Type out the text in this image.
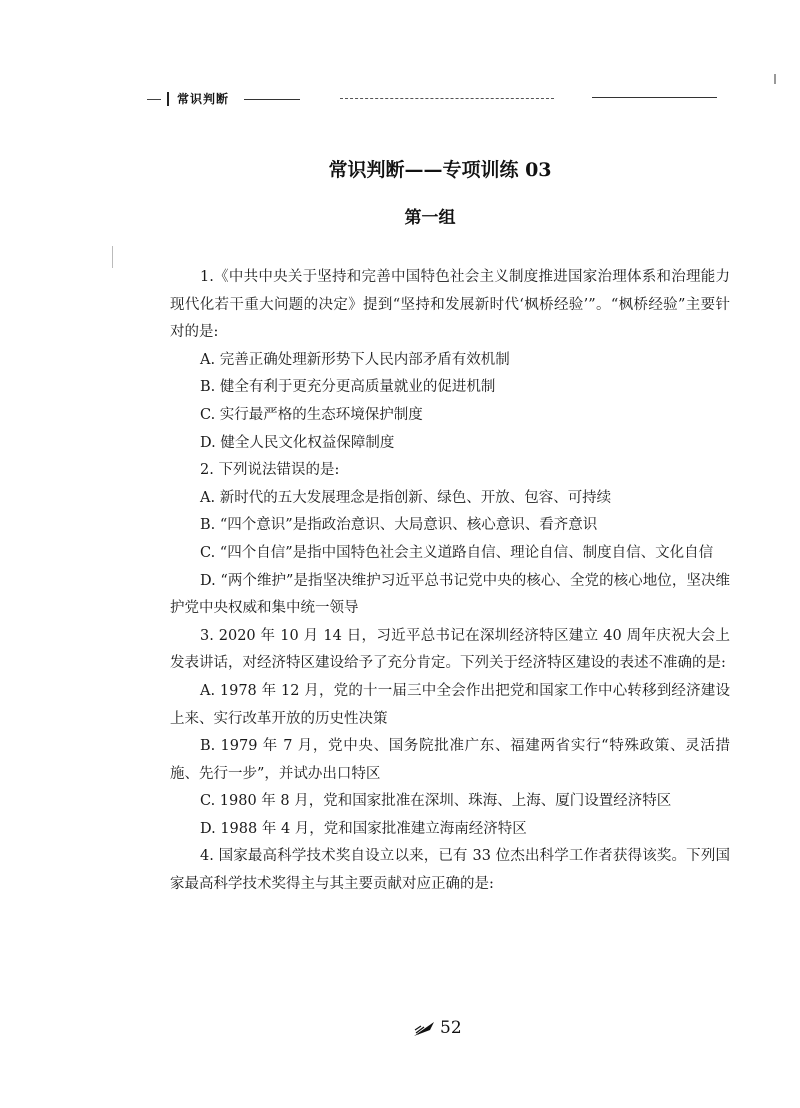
常识判断
常识判断——专项训练 03
第一组

1.《中共中央关于坚持和完善中国特色社会主义制度推进国家治理体系和治理能力现代化若干重大问题的决定》提到“坚持和发展新时代‘枫桥经验’”。“枫桥经验”主要针对的是:

A. 完善正确处理新形势下人民内部矛盾有效机制

B. 健全有利于更充分更高质量就业的促进机制

C. 实行最严格的生态环境保护制度

D. 健全人民文化权益保障制度

2. 下列说法错误的是:

A. 新时代的五大发展理念是指创新、绿色、开放、包容、可持续

B. “四个意识”是指政治意识、大局意识、核心意识、看齐意识

C. “四个自信”是指中国特色社会主义道路自信、理论自信、制度自信、文化自信

D. “两个维护”是指坚决维护习近平总书记党中央的核心、全党的核心地位，坚决维护党中央权威和集中统一领导

3. 2020 年 10 月 14 日，习近平总书记在深圳经济特区建立 40 周年庆祝大会上发表讲话，对经济特区建设给予了充分肯定。下列关于经济特区建设的表述不准确的是:

A. 1978 年 12 月，党的十一届三中全会作出把党和国家工作中心转移到经济建设上来、实行改革开放的历史性决策

B. 1979 年 7 月，党中央、国务院批准广东、福建两省实行“特殊政策、灵活措施、先行一步”，并试办出口特区

C. 1980 年 8 月，党和国家批准在深圳、珠海、上海、厦门设置经济特区

D. 1988 年 4 月，党和国家批准建立海南经济特区

4. 国家最高科学技术奖自设立以来，已有 33 位杰出科学工作者获得该奖。下列国家最高科学技术奖得主与其主要贡献对应正确的是:

52
